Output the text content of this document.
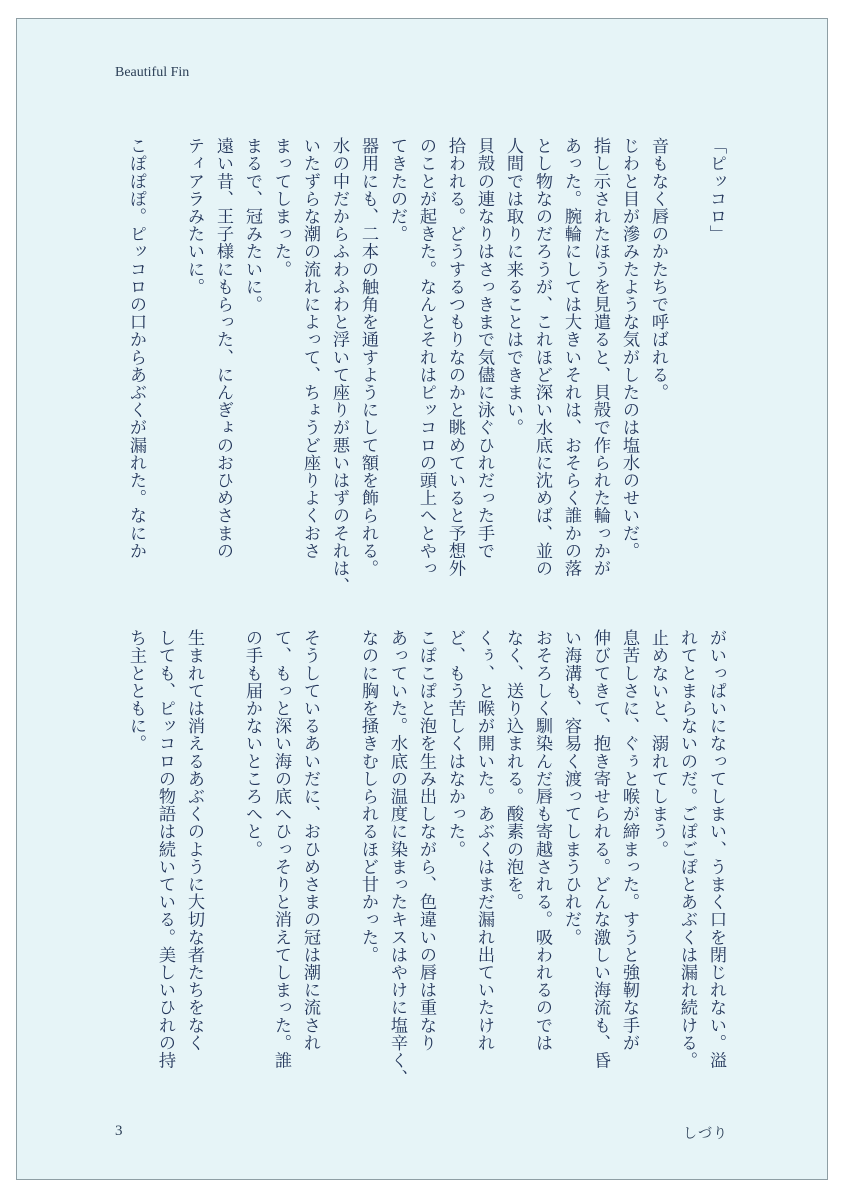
Beautiful Fin
「ピッコロ」
音もなく唇のかたちで呼ばれる。
じわと目が滲みたような気がしたのは塩水のせいだ。
指し示されたほうを見遣ると、貝殻で作られた輪っかが
あった。腕輪にしては大きいそれは、おそらく誰かの落
とし物なのだろうが、これほど深い水底に沈めば、並の
人間では取りに来ることはできまい。
貝殻の連なりはさっきまで気儘に泳ぐひれだった手で
拾われる。どうするつもりなのかと眺めていると予想外
のことが起きた。なんとそれはピッコロの頭上へとやっ
てきたのだ。
器用にも、二本の触角を通すようにして額を飾られる。
水の中だからふわふわと浮いて座りが悪いはずのそれは、
いたずらな潮の流れによって、ちょうど座りよくおさ
まってしまった。
まるで、冠みたいに。
遠い昔、王子様にもらった、にんぎょのおひめさまの
ティアラみたいに。
こぽぽぽ。ピッコロの口からあぶくが漏れた。なにか
がいっぱいになってしまい、うまく口を閉じれない。溢
れてとまらないのだ。ごぽごぽとあぶくは漏れ続ける。
止めないと、溺れてしまう。
息苦しさに、ぐぅと喉が締まった。すうと強靭な手が
伸びてきて、抱き寄せられる。どんな激しい海流も、昏
い海溝も、容易く渡ってしまうひれだ。
おそろしく馴染んだ唇も寄越される。吸われるのでは
なく、送り込まれる。酸素の泡を。
くぅ、と喉が開いた。あぶくはまだ漏れ出ていたけれ
ど、もう苦しくはなかった。
こぽこぽと泡を生み出しながら、色違いの唇は重なり
あっていた。水底の温度に染まったキスはやけに塩辛く、
なのに胸を掻きむしられるほど甘かった。
そうしているあいだに、おひめさまの冠は潮に流され
て、もっと深い海の底へひっそりと消えてしまった。誰
の手も届かないところへと。
生まれては消えるあぶくのように大切な者たちをなく
しても、ピッコロの物語は続いている。美しいひれの持
ち主とともに。
3	しづり
